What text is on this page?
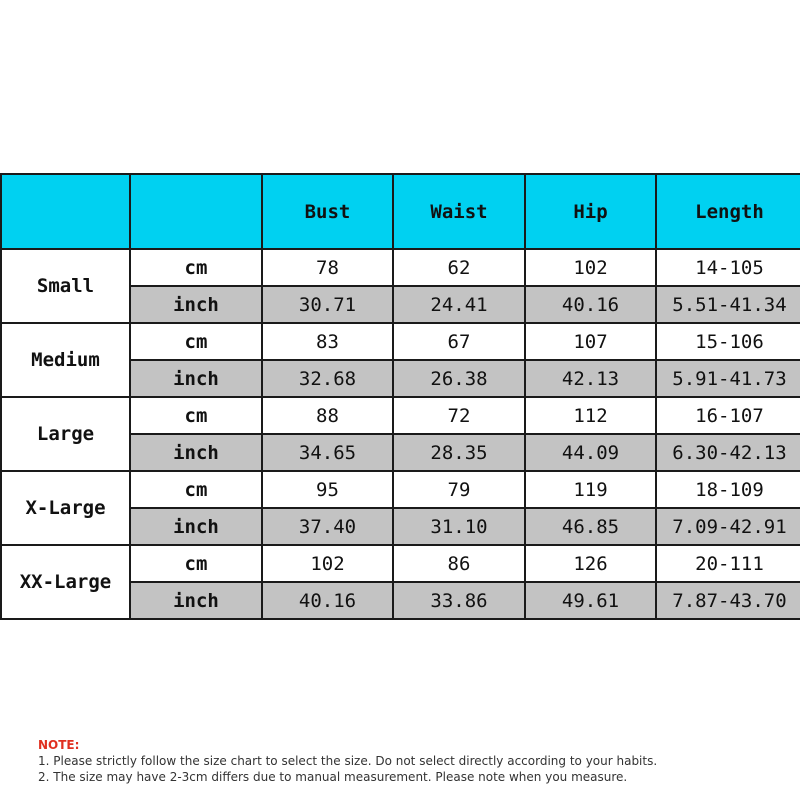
		Bust	Waist	Hip	Length
Small	cm	78	62	102	14-105
	inch	30.71	24.41	40.16	5.51-41.34
Medium	cm	83	67	107	15-106
	inch	32.68	26.38	42.13	5.91-41.73
Large	cm	88	72	112	16-107
	inch	34.65	28.35	44.09	6.30-42.13
X-Large	cm	95	79	119	18-109
	inch	37.40	31.10	46.85	7.09-42.91
XX-Large	cm	102	86	126	20-111
	inch	40.16	33.86	49.61	7.87-43.70
NOTE:
1. Please strictly follow the size chart to select the size. Do not select directly according to your habits.
2. The size may have 2-3cm differs due to manual measurement. Please note when you measure.
